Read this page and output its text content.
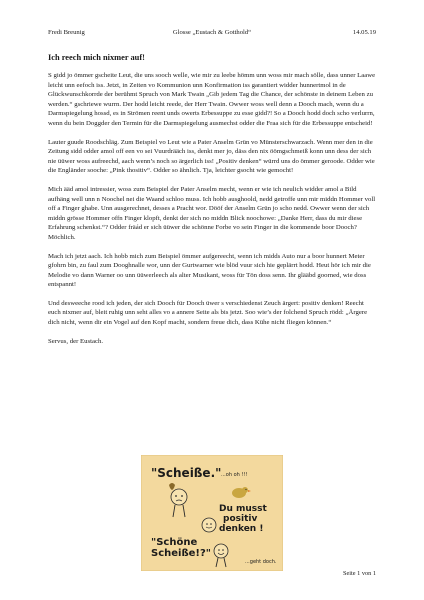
Fredi Breunig	Glosse „Eustach & Gotthold“	14.05.19
Ich reech mich nixmer auf!

S gidd jo ömmer gscheite Leut, die uns sooch welle, wie mir zu leebe hömm unn woss mir mach sölle, dass unner Laawe leicht unn eefoch iss. Jetzt, in Zeiten vo Kommunion unn Konfirmation iss garantiert widder hunnertmol in de Glückwunschkorrde der berühmt Spruch von Mark Twain „Gib jedem Tag die Chance, der schönste in deinem Leben zu werden.“ gschriewe wurrn. Der hodd leicht reede, der Herr Twain. Owwer woss well denn a Dooch mach, wenn du a Darmspiegelung hossd, es in Strömen reent unds owerts Erbessuppe zu esse gidd?! So a Dooch hodd doch scho verlurrn, wenn du bein Doggder den Termin für die Darmspiegelung ausmechst odder die Fraa sich für die Erbessuppe entscheid!

Lauter guude Roodschläg. Zum Beispiel vo Leut wie a Pater Anselm Grün vo Münsterschwarzach. Wenn mer den in die Zeitung sidd odder amol off een vo sei Vuurdrääch iss, denkt mer jo, däss den nix öömgschmeiß konn unn dess der sich nie üüwer woss aufreechd, aach wenn’s noch so ärgerlich iss! „Positiv denken“ würrd uns do ömmer geroode. Odder wie die Engländer sooche: „Pink thositiv“. Odder so ähnlich. Tja, leichter gsocht wie gemocht!

Mich ääd amol intressier, woss zum Beispiel der Pater Anselm mecht, wenn er wie ich neulich widder amol a Bild aufhäng well unn n Noochel nei die Waand schloo muss. Ich hobb ausghoold, nedd getroffe unn mir middn Hommer voll off a Finger ghabe. Unn ausgerechnet, desses a Pracht wor. Dööf der Anselm Grün jo scho nedd. Owwer wenn der sich middn grösse Hommer offn Finger klopft, denkt der sich no middn Blick noochowe: „Danke Herr, dass du mir diese Erfahrung schenkst.“? Odder fräád er sich üüwer die schönne Forbe vo sein Finger in die kommende boor Dooch? Möchlich.

Mach ich jetzt aach. Ich hobb mich zum Beispiel ömmer aufgereecht, wenn ich midds Auto nur a boor hunnert Meter gfohrn bin, zu faul zum Dooghnalle wor, unn der Gurtwarner wie blöd vuur sich hie geplärrt hodd. Heut hör ich mir die Melodie vo dann Warner oo unn üüwerleech als alter Musikant, woss für Tön doss senn. Ihr glääbd goorned, wie doss entspannt!

Und desweeche rood ich jeden, der sich Dooch für Dooch üwer s verschiedenst Zeuch ärgert: positiv denken! Reecht euch nixmer auf, bleit ruhig unn seht alles vo a annere Seite als bis jetzt. Soo wie’s der folchend Spruch rödd: „Ärgere dich nicht, wenn dir ein Vogel auf den Kopf macht, sondern freue dich, dass Kühe nicht fliegen können.“

Servus, der Eustach.

"Scheiße." ...oh oh !!!
Du musst
positiv
denken !
"Schöne
Scheiße!?"
...geht doch.
Seite 1 von 1
